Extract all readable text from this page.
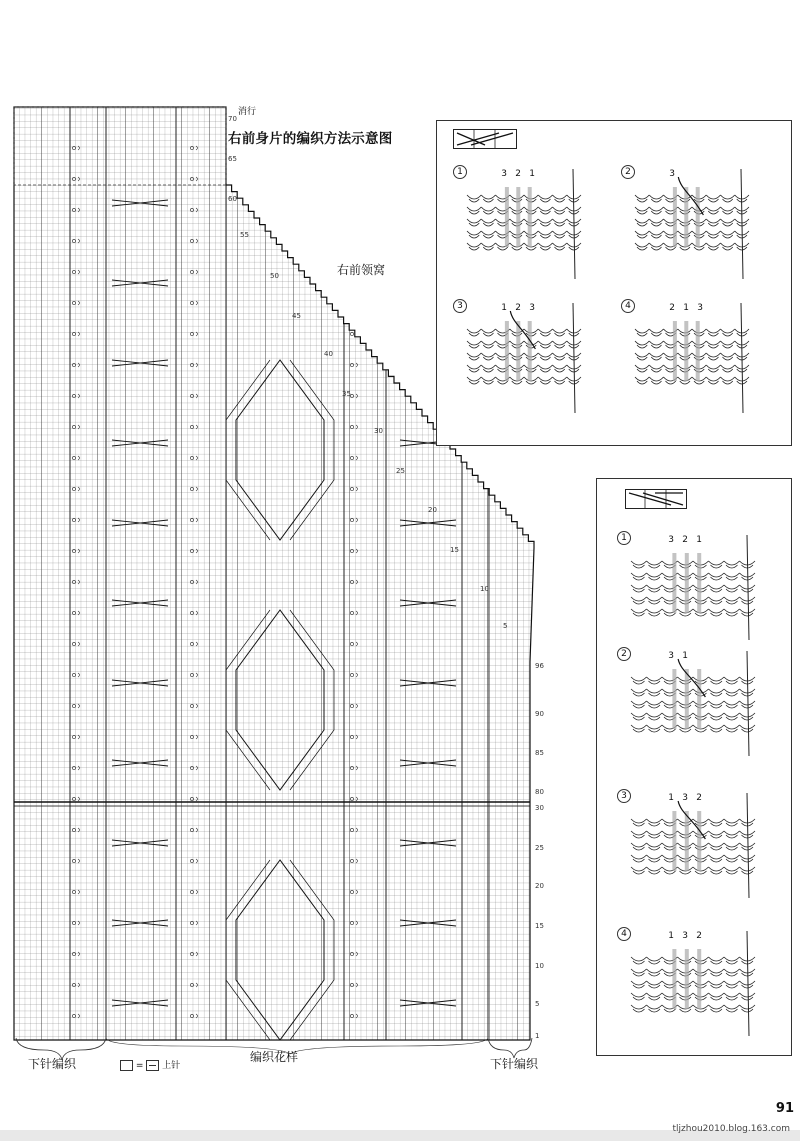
70
65
60
55
50
45
40
35
30
25
20
15
10
5
96
90
85
80
30
25
20
15
10
5
1
右前身片的编织方法示意图
右前领窝
消行
下针编织	编织花样	下针编织
= 上针
1	3 2 1	2	3
3	1 2 3	4	2 1 3
1	3 2 1
2	3 1
3	1 3 2
4	1 3 2
91
tljzhou2010.blog.163.com
